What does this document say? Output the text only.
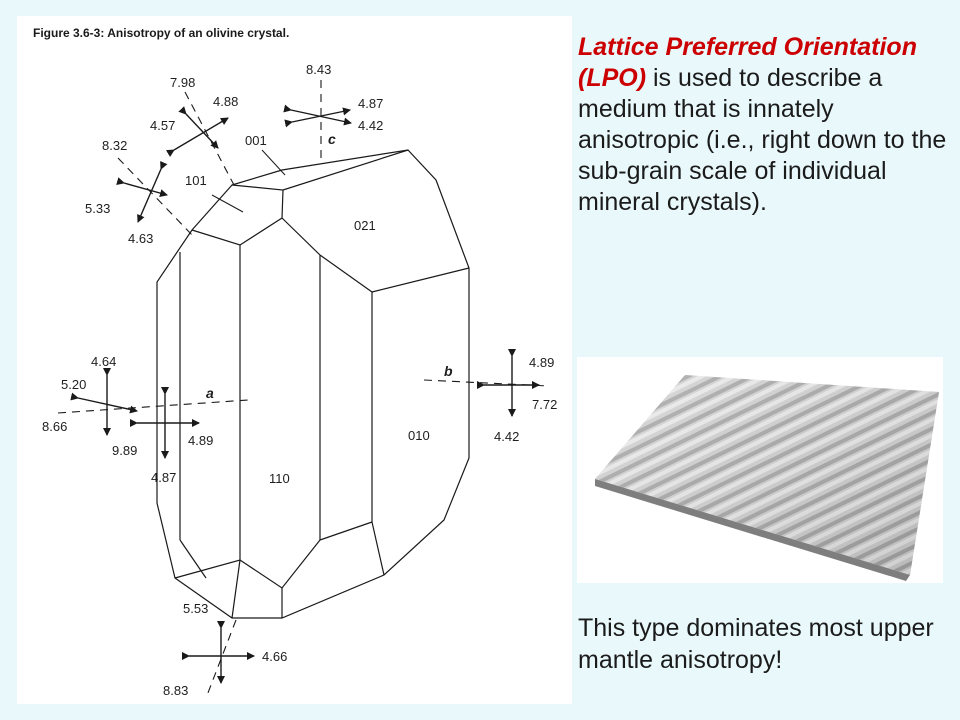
Figure 3.6-3: Anisotropy of an olivine crystal.
001
101
021
110
010
c
a
b
8.43
4.87
4.42
7.98
4.88
4.57
8.32
5.33
4.63
4.64
5.20
8.66
9.89
4.89
4.87
4.89
7.72
4.42
5.53
4.66
8.83
Lattice Preferred Orientation (LPO) is used to describe a medium that is innately anisotropic (i.e., right down to the sub-grain scale of individual mineral crystals).
This type dominates most upper mantle anisotropy!
